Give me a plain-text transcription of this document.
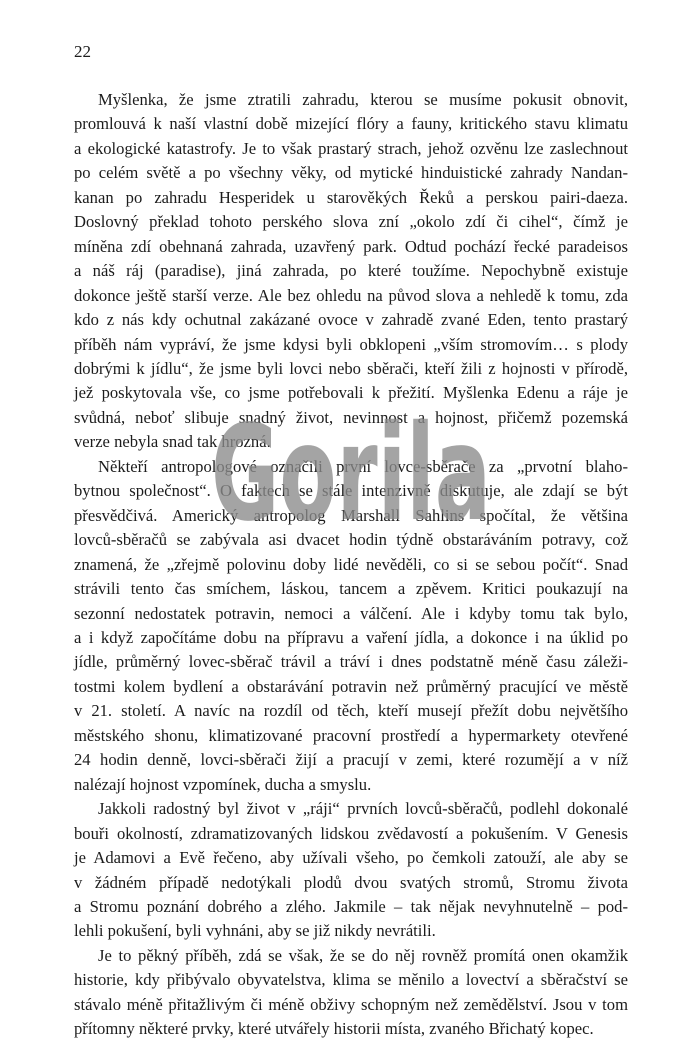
22

Myšlenka, že jsme ztratili zahradu, kterou se musíme pokusit obnovit,
promlouvá k naší vlastní době mizející flóry a fauny, kritického stavu klimatu
a ekologické katastrofy. Je to však prastarý strach, jehož ozvěnu lze zaslechnout
po celém světě a po všechny věky, od mytické hinduistické zahrady Nandan-
kanan po zahradu Hesperidek u starověkých Řeků a perskou pairi-daeza.
Doslovný překlad tohoto perského slova zní „okolo zdí či cihel“, čímž je
míněna zdí obehnaná zahrada, uzavřený park. Odtud pochází řecké paradeisos
a náš ráj (paradise), jiná zahrada, po které toužíme. Nepochybně existuje
dokonce ještě starší verze. Ale bez ohledu na původ slova a nehledě k tomu, zda
kdo z nás kdy ochutnal zakázané ovoce v zahradě zvané Eden, tento prastarý
příběh nám vypráví, že jsme kdysi byli obklopeni „vším stromovím… s plody
dobrými k jídlu“, že jsme byli lovci nebo sběrači, kteří žili z hojnosti v přírodě,
jež poskytovala vše, co jsme potřebovali k přežití. Myšlenka Edenu a ráje je
svůdná, neboť slibuje snadný život, nevinnost a hojnost, přičemž pozemská
verze nebyla snad tak hrozná.

Někteří antropologové označili první lovce-sběrače za „prvotní blaho-
bytnou společnost“. O faktech se stále intenzivně diskutuje, ale zdají se být
přesvědčivá. Americký antropolog Marshall Sahlins spočítal, že většina
lovců-sběračů se zabývala asi dvacet hodin týdně obstaráváním potravy, což
znamená, že „zřejmě polovinu doby lidé nevěděli, co si se sebou počít“. Snad
strávili tento čas smíchem, láskou, tancem a zpěvem. Kritici poukazují na
sezonní nedostatek potravin, nemoci a válčení. Ale i kdyby tomu tak bylo,
a i když započítáme dobu na přípravu a vaření jídla, a dokonce i na úklid po
jídle, průměrný lovec-sběrač trávil a tráví i dnes podstatně méně času záleži-
tostmi kolem bydlení a obstarávání potravin než průměrný pracující ve městě
v 21. století. A navíc na rozdíl od těch, kteří musejí přežít dobu největšího
městského shonu, klimatizované pracovní prostředí a hypermarkety otevřené
24 hodin denně, lovci-sběrači žijí a pracují v zemi, které rozumějí a v níž
nalézají hojnost vzpomínek, ducha a smyslu.

Jakkoli radostný byl život v „ráji“ prvních lovců-sběračů, podlehl dokonalé
bouři okolností, zdramatizovaných lidskou zvědavostí a pokušením. V Genesis
je Adamovi a Evě řečeno, aby užívali všeho, po čemkoli zatouží, ale aby se
v žádném případě nedotýkali plodů dvou svatých stromů, Stromu života
a Stromu poznání dobrého a zlého. Jakmile – tak nějak nevyhnutelně – pod-
lehli pokušení, byli vyhnáni, aby se již nikdy nevrátili.

Je to pěkný příběh, zdá se však, že se do něj rovněž promítá onen okamžik
historie, kdy přibývalo obyvatelstva, klima se měnilo a lovectví a sběračství se
stávalo méně přitažlivým či méně obživy schopným než zemědělství. Jsou v tom
přítomny některé prvky, které utvářely historii místa, zvaného Břichatý kopec.

Gorila
